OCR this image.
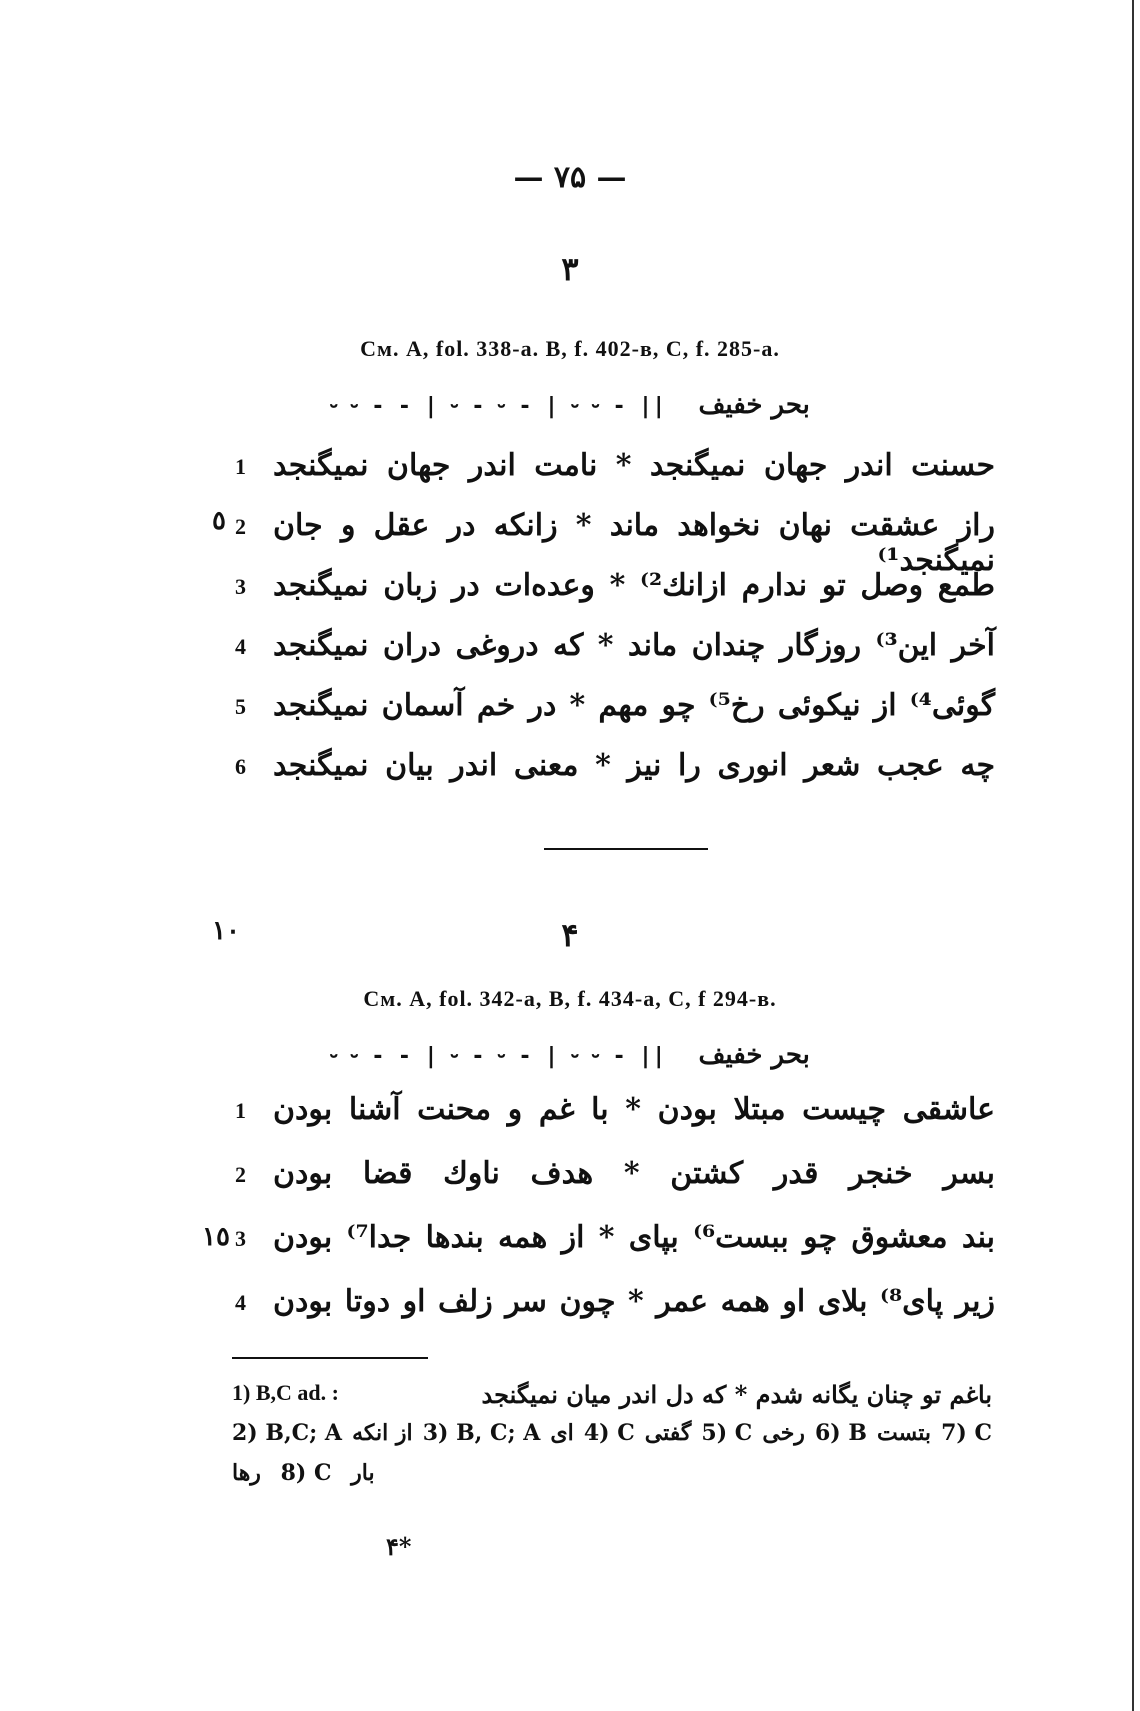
— ۷۵ —
۳
Cм. A, fol. 338-a. B, f. 402-в, C, f. 285-a.
⏑ ⏑ - - | ⏑ - ⏑ - | ⏑ ⏑ - || بحر خفیف
1 حسنت اندر جهان نمیگنجد * نامت اندر جهان نمیگنجد
2 راز عشقت نهان نخواهد ماند * زانکه در عقل و جان نمیگنجد¹⁾
3 طمع وصل تو ندارم ازانك²⁾ * وعده‌ات در زبان نمیگنجد
4 آخر این³⁾ روزگار چندان ماند * که دروغی دران نمیگنجد
5 گوئی⁴⁾ از نیکوئی رخ⁵⁾ چو مهم * در خم آسمان نمیگنجد
6 چه عجب شعر انوری را نیز * معنی اندر بیان نمیگنجد
٥
١٠	۴
Cм. A, fol. 342-a, B, f. 434-a, C, f 294-в.
⏑ ⏑ - - | ⏑ - ⏑ - | ⏑ ⏑ - || بحر خفیف
1 عاشقی چیست مبتلا بودن * با غم و محنت آشنا بودن
2 بسر خنجر قدر کشتن * هدف ناوك قضا بودن
3 بند معشوق چو ببست⁶⁾ بپای * از همه بندها جدا⁷⁾ بودن
4 زیر پای⁸⁾ بلای او همه عمر * چون سر زلف او دوتا بودن
١٥
باغم تو چنان یگانه شدم * که دل اندر میان نمیگنجد
1) B,C ad. :
2) B,C; A از انکه 3) B, C; A ای 4) C گفتی 5) C رخی 6) B بتست 7) C
رها 8) C بار
۴*
